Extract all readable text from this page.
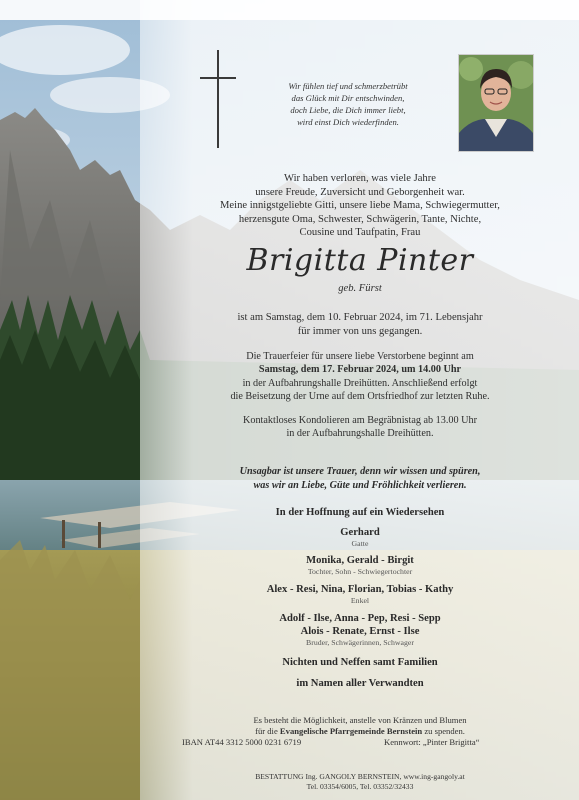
Wir fühlen tief und schmerzbetrübt
das Glück mit Dir entschwinden,
doch Liebe, die Dich immer liebt,
wird einst Dich wiederfinden.
Wir haben verloren, was viele Jahre
unsere Freude, Zuversicht und Geborgenheit war.
Meine innigstgeliebte Gitti, unsere liebe Mama, Schwiegermutter,
herzensgute Oma, Schwester, Schwägerin, Tante, Nichte,
Cousine und Taufpatin, Frau
Brigitta Pinter
geb. Fürst
ist am Samstag, dem 10. Februar 2024, im 71. Lebensjahr
für immer von uns gegangen.
Die Trauerfeier für unsere liebe Verstorbene beginnt am
Samstag, dem 17. Februar 2024, um 14.00 Uhr
in der Aufbahrungshalle Dreihütten. Anschließend erfolgt
die Beisetzung der Urne auf dem Ortsfriedhof zur letzten Ruhe.
Kontaktloses Kondolieren am Begräbnistag ab 13.00 Uhr
in der Aufbahrungshalle Dreihütten.
Unsagbar ist unsere Trauer, denn wir wissen und spüren,
was wir an Liebe, Güte und Fröhlichkeit verlieren.
In der Hoffnung auf ein Wiedersehen
Gerhard
Gatte
Monika, Gerald - Birgit
Tochter, Sohn - Schwiegertochter
Alex - Resi, Nina, Florian, Tobias - Kathy
Enkel
Adolf - Ilse, Anna - Pep, Resi - Sepp
Alois - Renate, Ernst - Ilse
Bruder, Schwägerinnen, Schwager
Nichten und Neffen samt Familien
im Namen aller Verwandten
Es besteht die Möglichkeit, anstelle von Kränzen und Blumen
für die Evangelische Pfarrgemeinde Bernstein zu spenden.
IBAN AT44 3312 5000 0231 6719	Kennwort: „Pinter Brigitta“
BESTATTUNG Ing. GANGOLY BERNSTEIN, www.ing-gangoly.at
Tel. 03354/6005, Tel. 03352/32433
